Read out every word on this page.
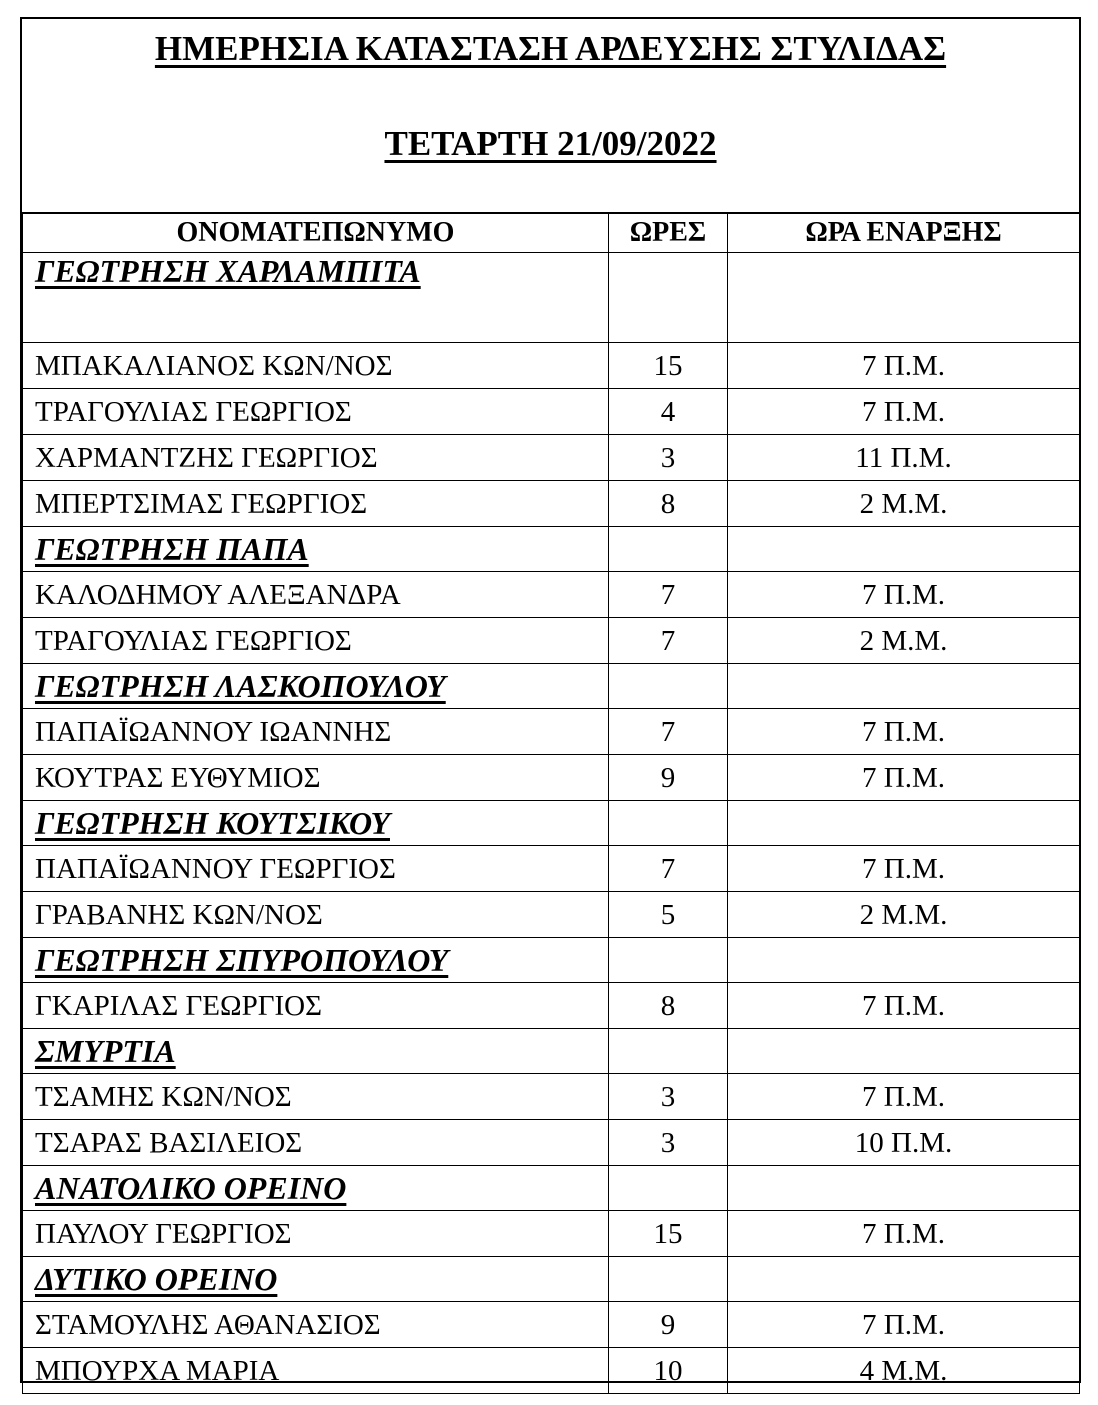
ΗΜΕΡΗΣΙΑ ΚΑΤΑΣΤΑΣΗ ΑΡΔΕΥΣΗΣ ΣΤΥΛΙΔΑΣ
ΤΕΤΑΡΤΗ 21/09/2022
ΟΝΟΜΑΤΕΠΩΝΥΜΟ	ΩΡΕΣ	ΩΡΑ ΕΝΑΡΞΗΣ
ΓΕΩΤΡΗΣΗ ΧΑΡΛΑΜΠΙΤΑ		
ΜΠΑΚΑΛΙΑΝΟΣ ΚΩΝ/ΝΟΣ	15	7 Π.Μ.
ΤΡΑΓΟΥΛΙΑΣ ΓΕΩΡΓΙΟΣ	4	7 Π.Μ.
ΧΑΡΜΑΝΤΖΗΣ ΓΕΩΡΓΙΟΣ	3	11 Π.Μ.
ΜΠΕΡΤΣΙΜΑΣ ΓΕΩΡΓΙΟΣ	8	2 Μ.Μ.
ΓΕΩΤΡΗΣΗ ΠΑΠΑ		
ΚΑΛΟΔΗΜΟΥ ΑΛΕΞΑΝΔΡΑ	7	7 Π.Μ.
ΤΡΑΓΟΥΛΙΑΣ ΓΕΩΡΓΙΟΣ	7	2 Μ.Μ.
ΓΕΩΤΡΗΣΗ ΛΑΣΚΟΠΟΥΛΟΥ		
ΠΑΠΑΪΩΑΝΝΟΥ ΙΩΑΝΝΗΣ	7	7 Π.Μ.
ΚΟΥΤΡΑΣ ΕΥΘΥΜΙΟΣ	9	7 Π.Μ.
ΓΕΩΤΡΗΣΗ ΚΟΥΤΣΙΚΟΥ		
ΠΑΠΑΪΩΑΝΝΟΥ ΓΕΩΡΓΙΟΣ	7	7 Π.Μ.
ΓΡΑΒΑΝΗΣ ΚΩΝ/ΝΟΣ	5	2 Μ.Μ.
ΓΕΩΤΡΗΣΗ ΣΠΥΡΟΠΟΥΛΟΥ		
ΓΚΑΡΙΛΑΣ ΓΕΩΡΓΙΟΣ	8	7 Π.Μ.
ΣΜΥΡΤΙΑ		
ΤΣΑΜΗΣ ΚΩΝ/ΝΟΣ	3	7 Π.Μ.
ΤΣΑΡΑΣ ΒΑΣΙΛΕΙΟΣ	3	10 Π.Μ.
ΑΝΑΤΟΛΙΚΟ ΟΡΕΙΝΟ		
ΠΑΥΛΟΥ ΓΕΩΡΓΙΟΣ	15	7 Π.Μ.
ΔΥΤΙΚΟ ΟΡΕΙΝΟ		
ΣΤΑΜΟΥΛΗΣ ΑΘΑΝΑΣΙΟΣ	9	7 Π.Μ.
ΜΠΟΥΡΧΑ ΜΑΡΙΑ	10	4 Μ.Μ.
